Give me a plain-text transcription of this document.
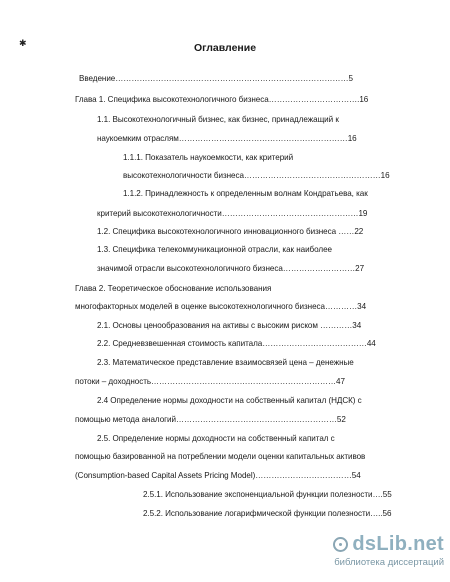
✱	Оглавление
Введение……………………………………………………………………………5
Глава 1. Специфика высокотехнологичного бизнеса…………………………….16
1.1. Высокотехнологичный бизнес, как бизнес, принадлежащий к
наукоемким отраслям………………………………………………………16
1.1.1. Показатель наукоемкости, как критерий
высокотехнологичности бизнеса……………………………………………16
1.1.2. Принадлежность к определенным волнам Кондратьева, как
критерий высокотехнологичности……………………………………………19
1.2. Специфика высокотехнологичного инновационного бизнеса ……22
1.3. Специфика телекоммуникационной отрасли, как наиболее
значимой отрасли высокотехнологичного бизнеса………………………27
Глава 2. Теоретическое обоснование использования
многофакторных моделей в оценке высокотехнологичного бизнеса…………34
2.1. Основы ценообразования на активы с высоким риском …………34
2.2. Средневзвешенная стоимость капитала…………………………………44
2.3. Математическое представление взаимосвязей цена – денежные
потоки – доходность……………………………………………………………47
2.4 Определение нормы доходности на собственный капитал (НДСК) с
помощью метода аналогий……………………………………………………52
2.5. Определение нормы доходности на собственный капитал с
помощью базированной на потреблении модели оценки капитальных активов
(Consumption-based Capital Assets Pricing Model)………………………………54
2.5.1. Использование экспоненциальной функции полезности….55
2.5.2. Использование логарифмической функции полезности…..56
dsLib.net
библиотека диссертаций
